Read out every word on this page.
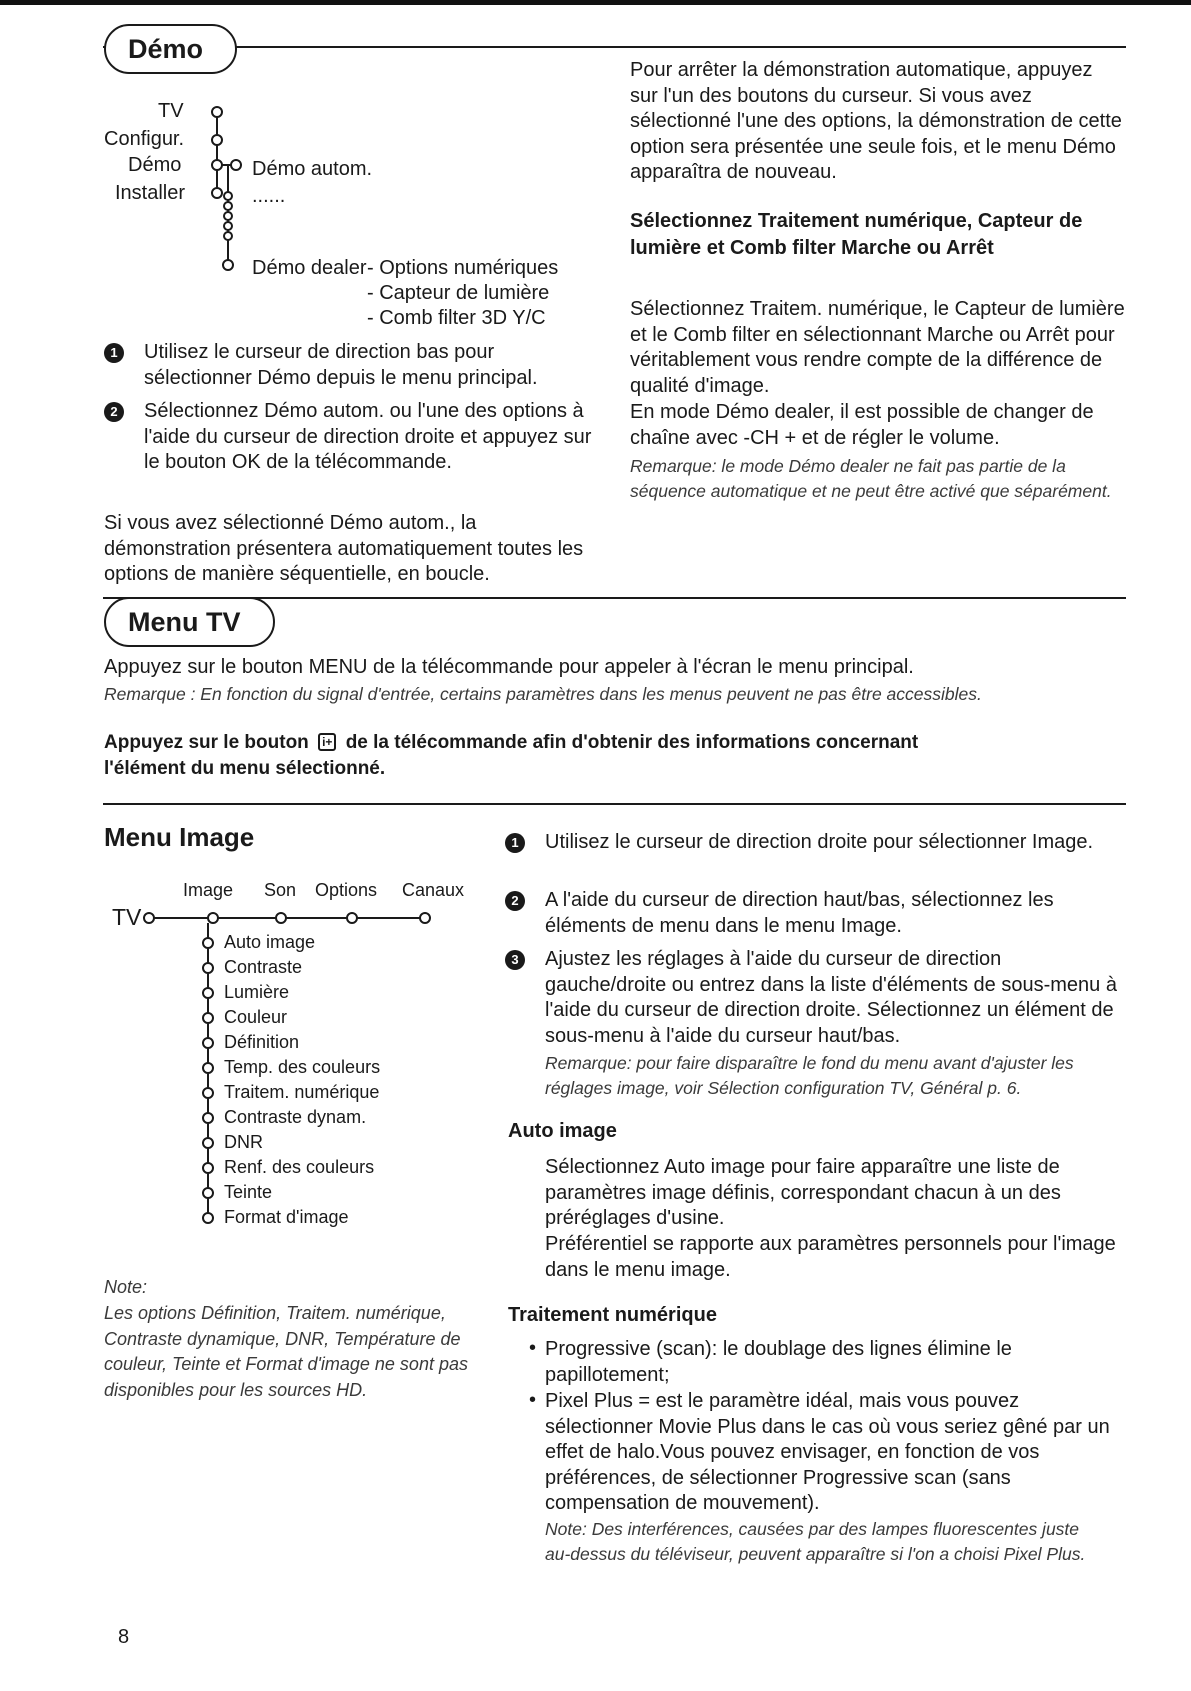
Démo
TV
Configur.
Démo
Installer
Démo autom.
......
Démo dealer - Options numériques
- Capteur de lumière
- Comb filter 3D Y/C
1	Utilisez le curseur de direction bas pour sélectionner Démo depuis le menu principal.
2	Sélectionnez Démo autom. ou l'une des options à l'aide du curseur de direction droite et appuyez sur le bouton OK de la télécommande.
Si vous avez sélectionné Démo autom., la démonstration présentera automatiquement toutes les options de manière séquentielle, en boucle.
Pour arrêter la démonstration automatique, appuyez sur l'un des boutons du curseur. Si vous avez sélectionné l'une des options, la démonstration de cette option sera présentée une seule fois, et le menu Démo apparaîtra de nouveau.
Sélectionnez Traitement numérique, Capteur de lumière et Comb filter Marche ou Arrêt
Sélectionnez Traitem. numérique, le Capteur de lumière et le Comb filter en sélectionnant Marche ou Arrêt pour véritablement vous rendre compte de la différence de qualité d'image.
En mode Démo dealer, il est possible de changer de chaîne avec -CH + et de régler le volume.
Remarque: le mode Démo dealer ne fait pas partie de la séquence automatique et ne peut être activé que séparément.
Menu TV
Appuyez sur le bouton MENU de la télécommande pour appeler à l'écran le menu principal.
Remarque : En fonction du signal d'entrée, certains paramètres dans les menus peuvent ne pas être accessibles.
Appuyez sur le bouton i+ de la télécommande afin d'obtenir des informations concernant
l'élément du menu sélectionné.
Menu Image
Image Son Options Canaux
TV
Auto image
Contraste
Lumière
Couleur
Définition
Temp. des couleurs
Traitem. numérique
Contraste dynam.
DNR
Renf. des couleurs
Teinte
Format d'image
Note:
Les options Définition, Traitem. numérique, Contraste dynamique, DNR, Température de couleur, Teinte et Format d'image ne sont pas disponibles pour les sources HD.
1	Utilisez le curseur de direction droite pour sélectionner Image.
2	A l'aide du curseur de direction haut/bas, sélectionnez les éléments de menu dans le menu Image.
3	Ajustez les réglages à l'aide du curseur de direction gauche/droite ou entrez dans la liste d'éléments de sous-menu à l'aide du curseur de direction droite. Sélectionnez un élément de sous-menu à l'aide du curseur haut/bas.
Remarque: pour faire disparaître le fond du menu avant d'ajuster les réglages image, voir Sélection configuration TV, Général p. 6.
Auto image
Sélectionnez Auto image pour faire apparaître une liste de paramètres image définis, correspondant chacun à un des préréglages d'usine.
Préférentiel se rapporte aux paramètres personnels pour l'image dans le menu image.
Traitement numérique
• Progressive (scan): le doublage des lignes élimine le papillotement;
• Pixel Plus = est le paramètre idéal, mais vous pouvez sélectionner Movie Plus dans le cas où vous seriez gêné par un effet de halo.Vous pouvez envisager, en fonction de vos préférences, de sélectionner Progressive scan (sans compensation de mouvement).
Note: Des interférences, causées par des lampes fluorescentes juste au-dessus du téléviseur, peuvent apparaître si l'on a choisi Pixel Plus.
8
